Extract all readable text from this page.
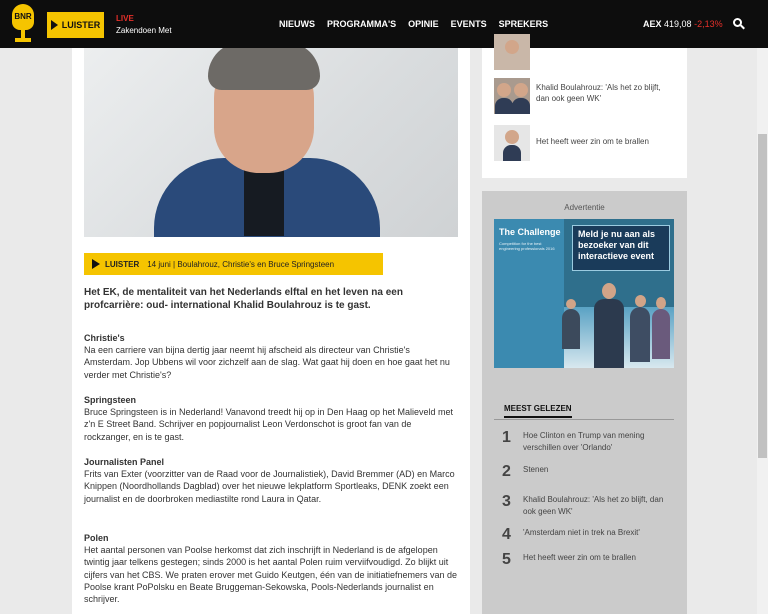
BNR
LUISTER
LIVE
Zakendoen Met
NIEUWS PROGRAMMA'S OPINIE EVENTS SPREKERS	AEX 419,08 -2,13%
LUISTER 14 juni | Boulahrouz, Christie's en Bruce Springsteen

Het EK, de mentaliteit van het Nederlands elftal en het leven na een profcarrière: oud- international Khalid Boulahrouz is te gast.

Christie's

Na een carriere van bijna dertig jaar neemt hij afscheid als directeur van Christie's Amsterdam. Jop Ubbens wil voor zichzelf aan de slag. Wat gaat hij doen en hoe gaat het nu verder met Christie's?

Springsteen

Bruce Springsteen is in Nederland! Vanavond treedt hij op in Den Haag op het Malieveld met z'n E Street Band. Schrijver en popjournalist Leon Verdonschot is groot fan van de rockzanger, en is te gast.

Journalisten Panel

Frits van Exter (voorzitter van de Raad voor de Journalistiek), David Bremmer (AD) en Marco Knippen (Noordhollands Dagblad) over het nieuwe lekplatform Sportleaks, DENK zoekt een journalist en de doorbroken mediastilte rond Laura in Qatar.

Polen

Het aantal personen van Poolse herkomst dat zich inschrijft in Nederland is de afgelopen twintig jaar telkens gestegen; sinds 2000 is het aantal Polen ruim verviifvoudigd. Zo blijkt uit cijfers van het CBS. We praten erover met Guido Keutgen, één van de initiatiefnemers van de Poolse krant PoPolsku en Beate Bruggeman-Sekowska, Pools-Nederlands journalist en schrijver.

Khalid Boulahrouz: 'Als het zo blijft, dan ook geen WK'
Het heeft weer zin om te brallen
Advertentie
The Challenge
Competition for the best engineering professionals 2016
Meld je nu aan als bezoeker van dit interactieve event
MEEST GELEZEN
1 Hoe Clinton en Trump van mening verschillen over 'Orlando'
2 Stenen
3 Khalid Boulahrouz: 'Als het zo blijft, dan ook geen WK'
4 'Amsterdam niet in trek na Brexit'
5 Het heeft weer zin om te brallen
